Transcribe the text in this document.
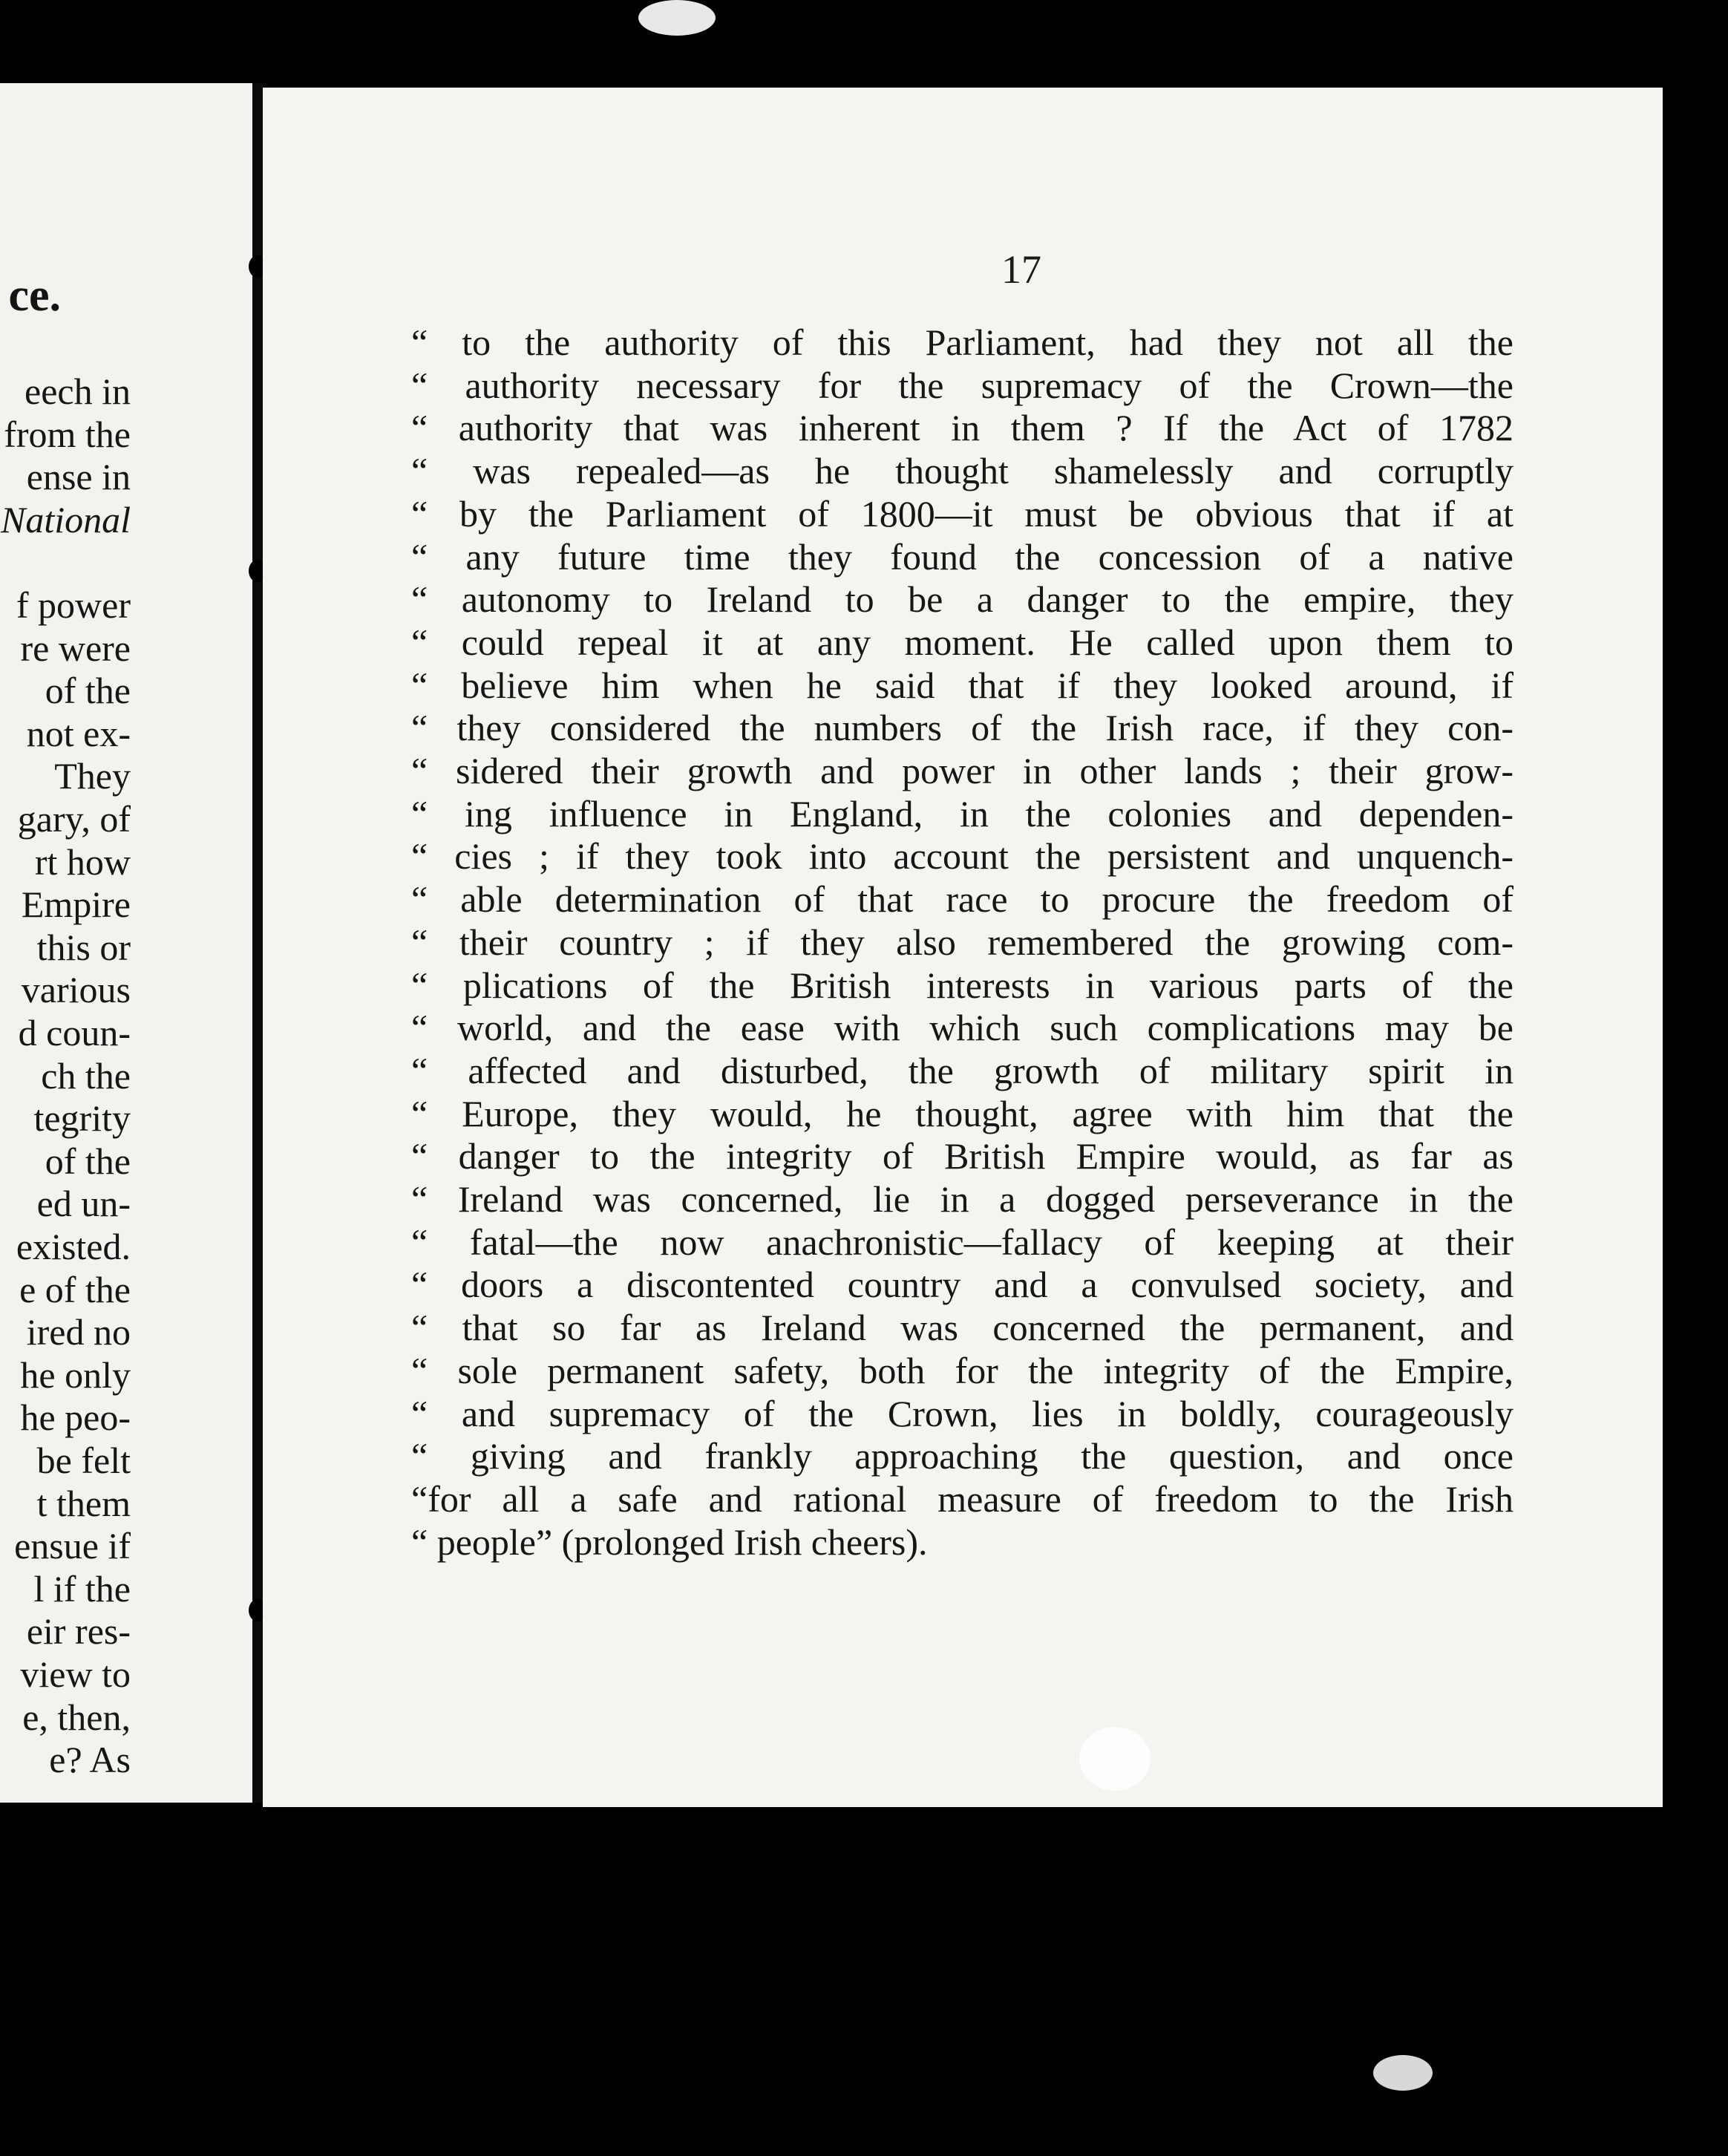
ce.
eech in
from the
ense in
National
f power
re were
of the
not ex-
They
gary, of
rt how
Empire
this or
various
d coun-
ch the
tegrity
of the
ed un-
existed.
e of the
ired no
he only
he peo-
be felt
t them
ensue if
l if the
eir res-
view to
e, then,
e? As
17
“ to the authority of this Parliament, had they not all the
“ authority necessary for the supremacy of the Crown—the
“ authority that was inherent in them ? If the Act of 1782
“ was repealed—as he thought shamelessly and corruptly
“ by the Parliament of 1800—it must be obvious that if at
“ any future time they found the concession of a native
“ autonomy to Ireland to be a danger to the empire, they
“ could repeal it at any moment. He called upon them to
“ believe him when he said that if they looked around, if
“ they considered the numbers of the Irish race, if they con-
“ sidered their growth and power in other lands ; their grow-
“ ing influence in England, in the colonies and dependen-
“ cies ; if they took into account the persistent and unquench-
“ able determination of that race to procure the freedom of
“ their country ; if they also remembered the growing com-
“ plications of the British interests in various parts of the
“ world, and the ease with which such complications may be
“ affected and disturbed, the growth of military spirit in
“ Europe, they would, he thought, agree with him that the
“ danger to the integrity of British Empire would, as far as
“ Ireland was concerned, lie in a dogged perseverance in the
“ fatal—the now anachronistic—fallacy of keeping at their
“ doors a discontented country and a convulsed society, and
“ that so far as Ireland was concerned the permanent, and
“ sole permanent safety, both for the integrity of the Empire,
“ and supremacy of the Crown, lies in boldly, courageously
“ giving and frankly approaching the question, and once
“for all a safe and rational measure of freedom to the Irish
“ people” (prolonged Irish cheers).
